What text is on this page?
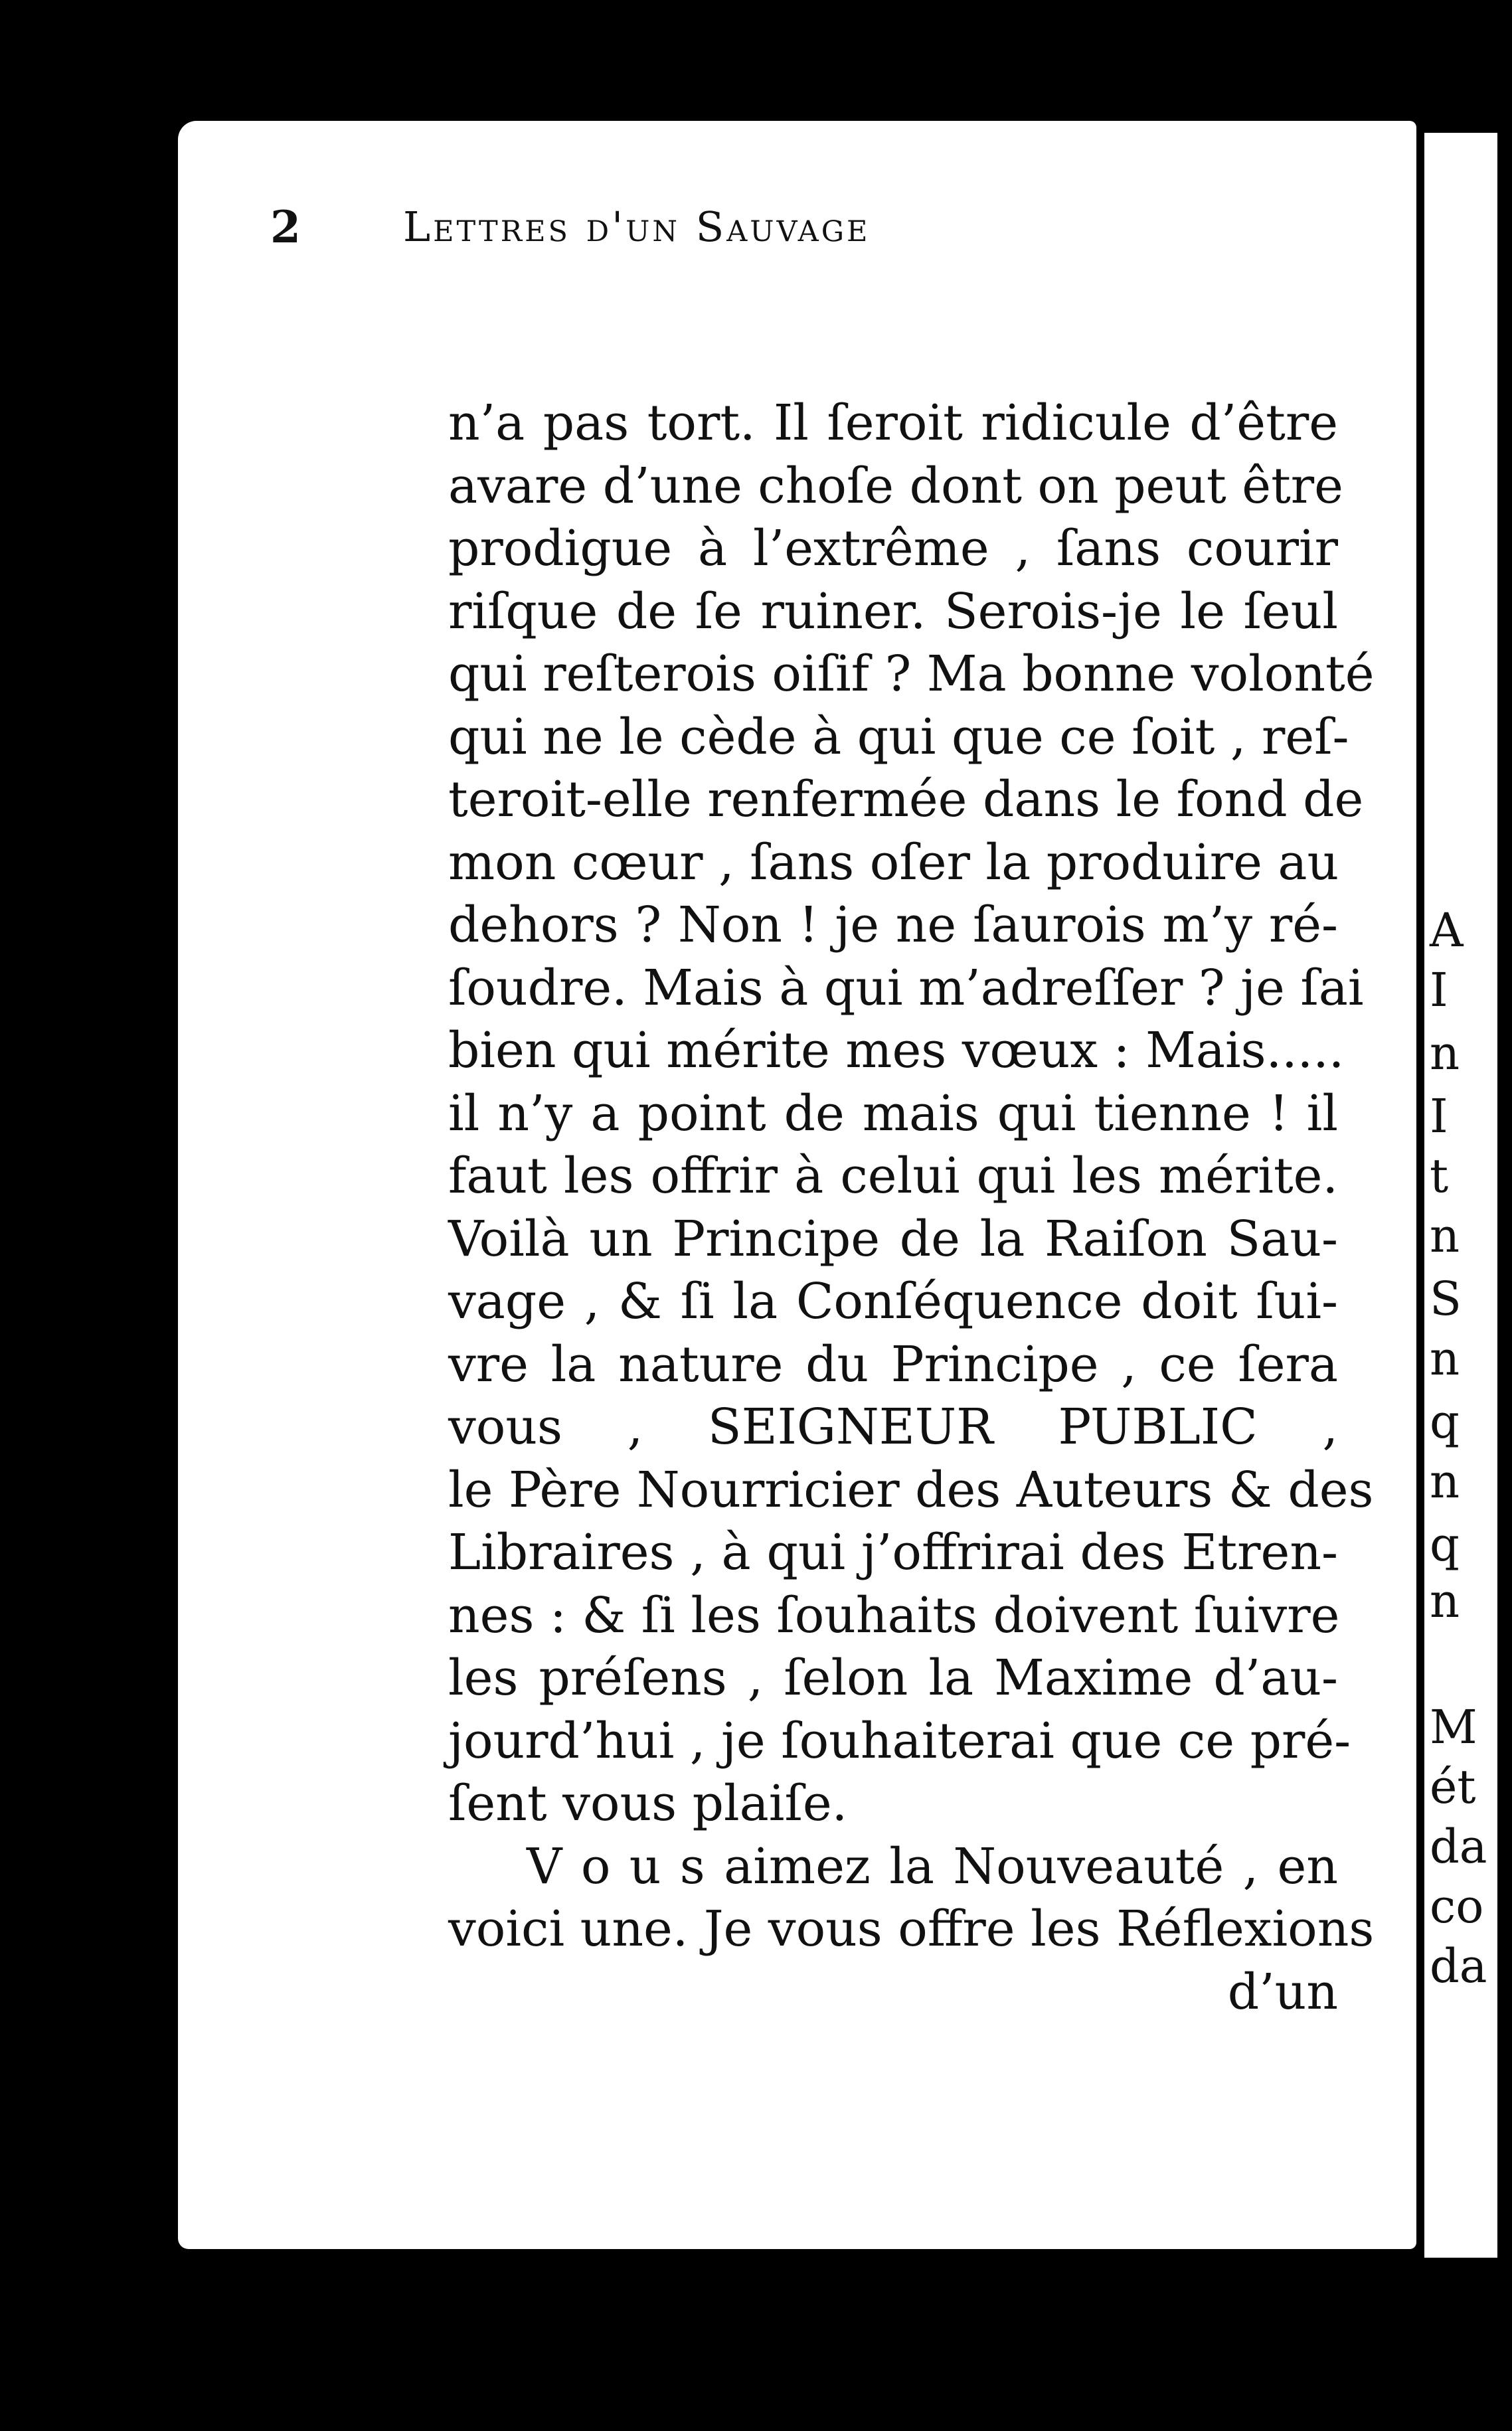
A
I
n
I
t
n
S
n
q
n
q
n
M
ét
da
co
da
2 Lettres d'un Sauvage
n’a pas tort. Il ſeroit ridicule d’être
avare d’une choſe dont on peut être
prodigue à l’extrême , ſans courir
riſque de ſe ruiner. Serois-je le ſeul
qui reſterois oiſif ? Ma bonne volonté
qui ne le cède à qui que ce ſoit , reſ-
teroit-elle renfermée dans le fond de
mon cœur , ſans oſer la produire au
dehors ? Non ! je ne ſaurois m’y ré-
ſoudre. Mais à qui m’adreſſer ? je ſai
bien qui mérite mes vœux : Mais.....
il n’y a point de mais qui tienne ! il
faut les offrir à celui qui les mérite.
Voilà un Principe de la Raiſon Sau-
vage , & ſi la Conſéquence doit ſui-
vre la nature du Principe , ce ſera
vous , SEIGNEUR PUBLIC ,
le Père Nourricier des Auteurs & des
Libraires , à qui j’offrirai des Etren-
nes : & ſi les ſouhaits doivent ſuivre
les préſens , ſelon la Maxime d’au-
jourd’hui , je ſouhaiterai que ce pré-
ſent vous plaiſe.
V o u s aimez la Nouveauté , en
voici une. Je vous offre les Réflexions
d’un
